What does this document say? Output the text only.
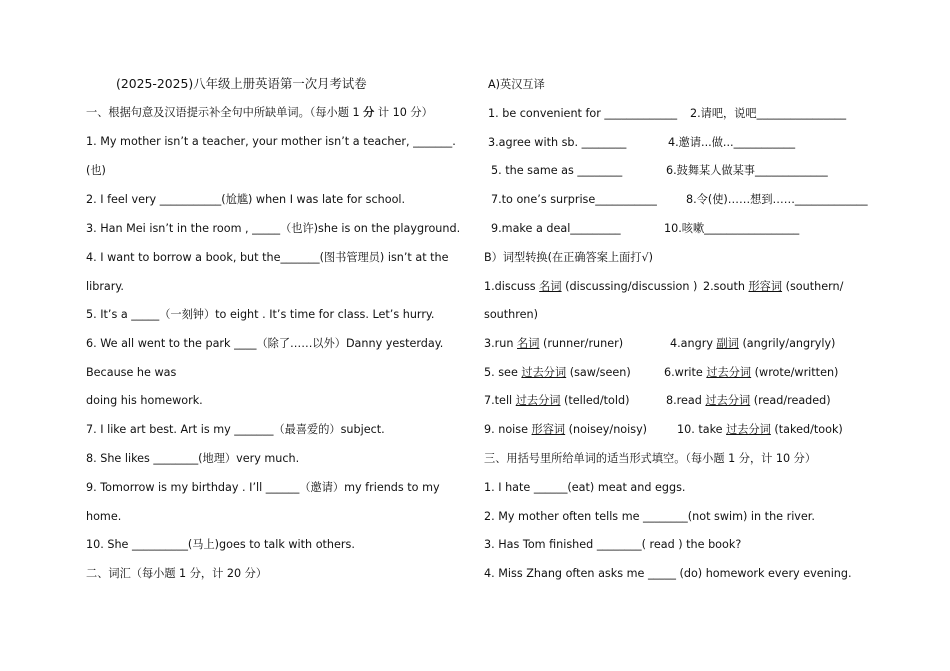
(2025-2025)八年级上册英语第一次月考试卷
一、根据句意及汉语提示补全句中所缺单词。（每小题 1 分 计 10 分）
1. My mother isn’t a teacher, your mother isn’t a teacher, _______.
(也)
2. I feel very ___________(尬尴) when I was late for school.
3. Han Mei isn’t in the room , _____（也许)she is on the playground.
4. I want to borrow a book, but the_______(图书管理员) isn’t at the
library.
5. It’s a _____（一刻钟）to eight . It’s time for class. Let’s hurry.
6. We all went to the park ____（除了……以外）Danny yesterday.
Because he was
doing his homework.
7. I like art best. Art is my _______（最喜爱的）subject.
8. She likes ________(地理）very much.
9. Tomorrow is my birthday . I’ll ______（邀请）my friends to my
home.
10. She __________(马上)goes to talk with others.
二、词汇（每小题 1 分，计 20 分）
A)英汉互译
1. be convenient for _____________ 2.请吧，说吧________________
3.agree with sb. ________	4.邀请...做...___________
5. the same as ________	6.鼓舞某人做某事_____________
7.to one’s surprise___________	8.令(使)……想到……_____________
9.make a deal_________	10.咳嗽_________________
B）词型转换(在正确答案上面打√)
1.discuss 名词 (discussing/discussion ) 2.south 形容词 (southern/
southren)
3.run 名词 (runner/runer)	4.angry 副词 (angrily/angryly)
5. see 过去分词 (saw/seen)	6.write 过去分词 (wrote/written)
7.tell 过去分词 (telled/told)	8.read 过去分词 (read/readed)
9. noise 形容词 (noisey/noisy)	10. take 过去分词 (taked/took)
三、用括号里所给单词的适当形式填空。（每小题 1 分，计 10 分）
1. I hate ______(eat) meat and eggs.
2. My mother often tells me ________(not swim) in the river.
3. Has Tom finished ________( read ) the book?
4. Miss Zhang often asks me _____ (do) homework every evening.
